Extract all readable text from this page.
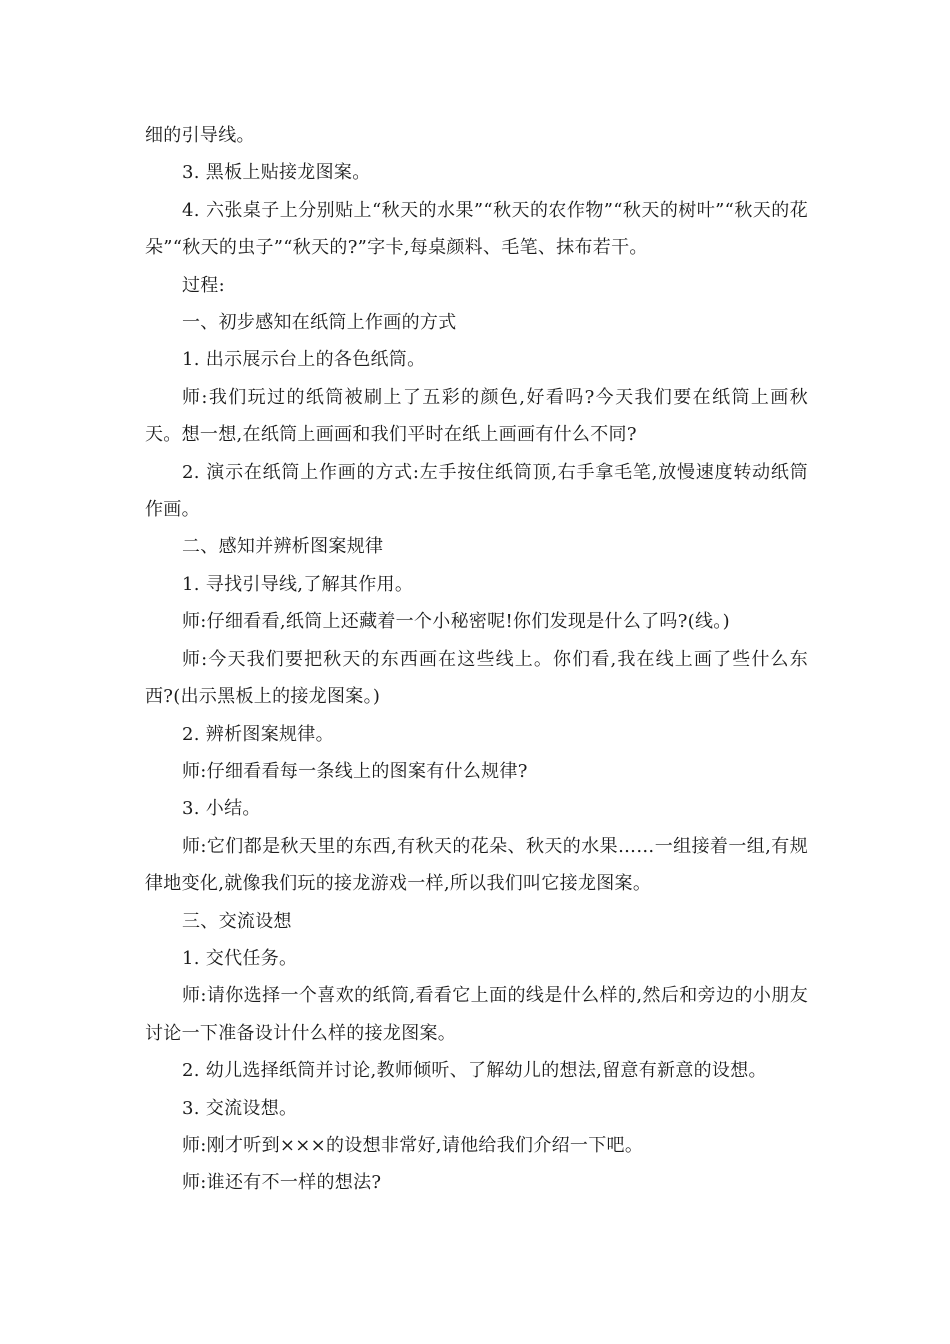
细的引导线。

3. 黑板上贴接龙图案。

4. 六张桌子上分别贴上“秋天的水果”“秋天的农作物”“秋天的树叶”“秋天的花朵”“秋天的虫子”“秋天的?”字卡,每桌颜料、毛笔、抹布若干。

过程:

一、初步感知在纸筒上作画的方式

1. 出示展示台上的各色纸筒。

师:我们玩过的纸筒被刷上了五彩的颜色,好看吗?今天我们要在纸筒上画秋天。想一想,在纸筒上画画和我们平时在纸上画画有什么不同?

2. 演示在纸筒上作画的方式:左手按住纸筒顶,右手拿毛笔,放慢速度转动纸筒作画。

二、感知并辨析图案规律

1. 寻找引导线,了解其作用。

师:仔细看看,纸筒上还藏着一个小秘密呢!你们发现是什么了吗?(线。)

师:今天我们要把秋天的东西画在这些线上。你们看,我在线上画了些什么东西?(出示黑板上的接龙图案。)

2. 辨析图案规律。

师:仔细看看每一条线上的图案有什么规律?

3. 小结。

师:它们都是秋天里的东西,有秋天的花朵、秋天的水果……一组接着一组,有规律地变化,就像我们玩的接龙游戏一样,所以我们叫它接龙图案。

三、交流设想

1. 交代任务。

师:请你选择一个喜欢的纸筒,看看它上面的线是什么样的,然后和旁边的小朋友讨论一下准备设计什么样的接龙图案。

2. 幼儿选择纸筒并讨论,教师倾听、了解幼儿的想法,留意有新意的设想。

3. 交流设想。

师:刚才听到×××的设想非常好,请他给我们介绍一下吧。

师:谁还有不一样的想法?
